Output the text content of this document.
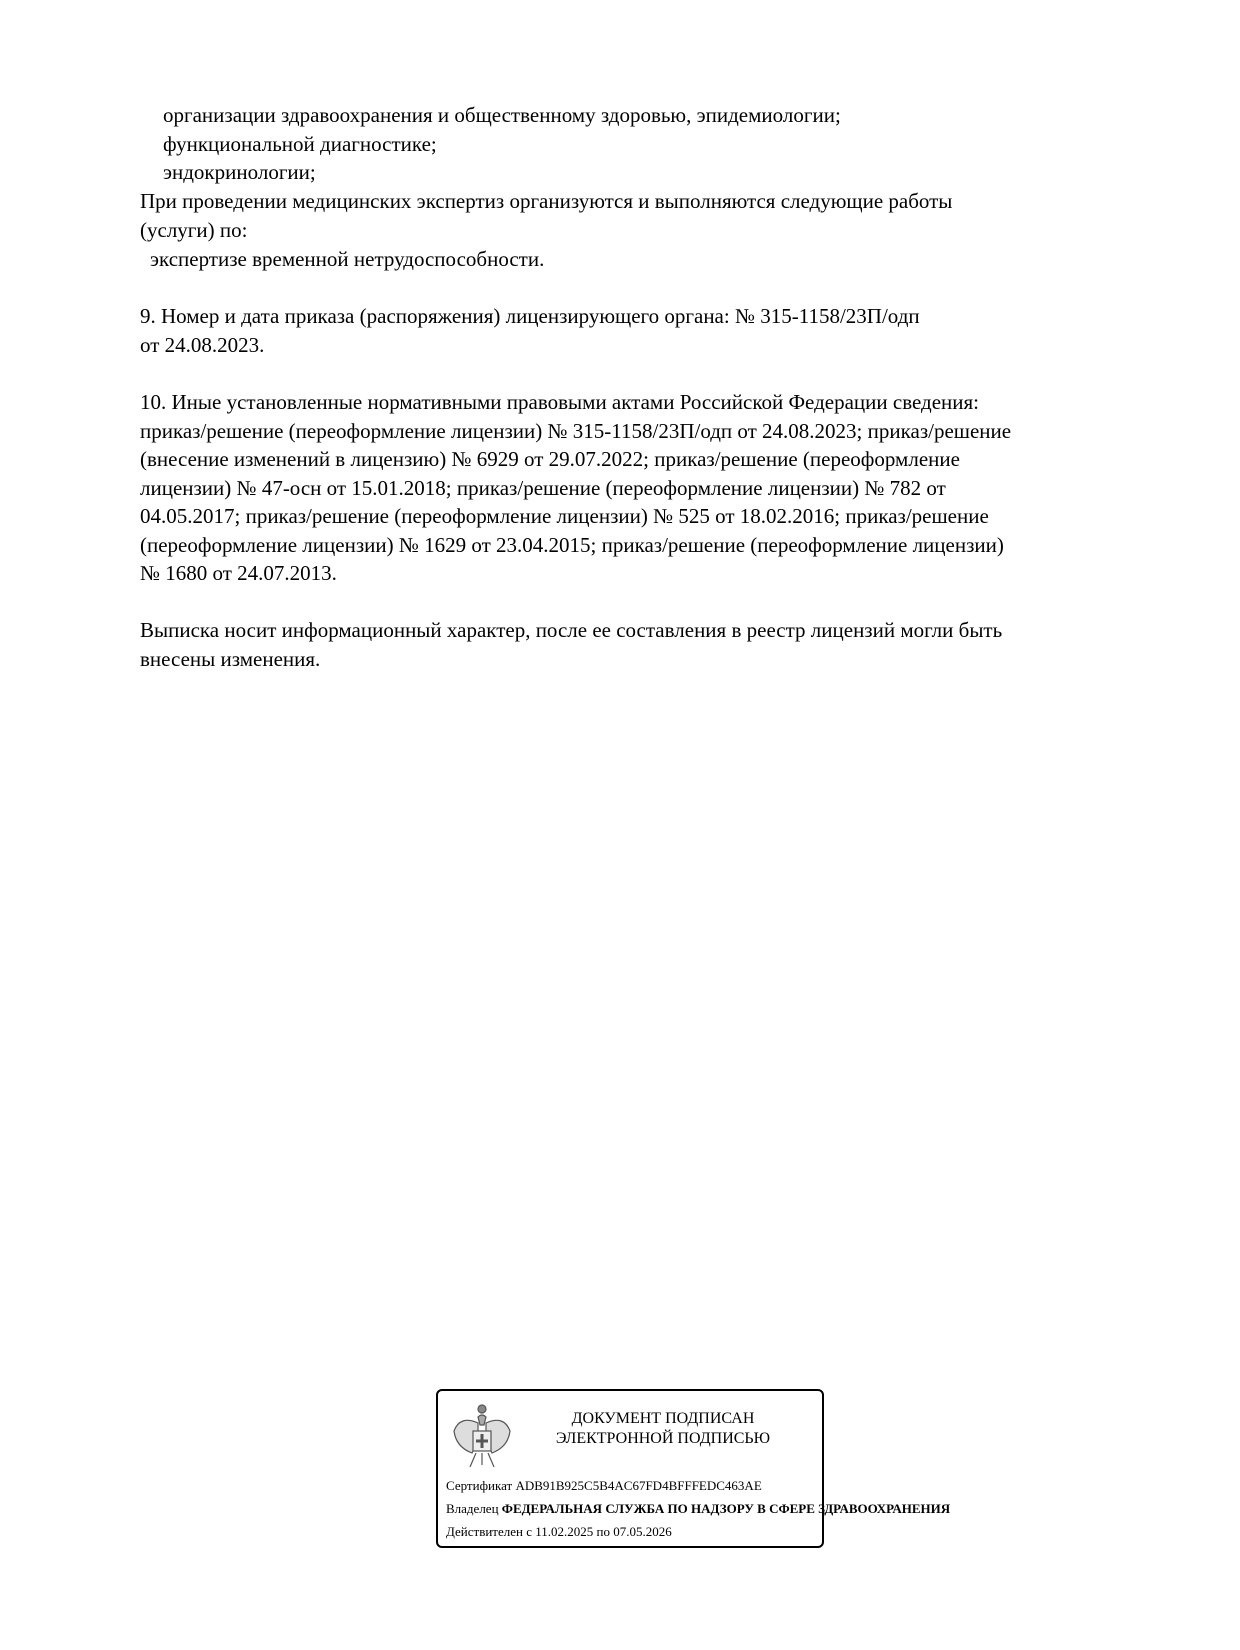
организации здравоохранения и общественному здоровью, эпидемиологии;
функциональной диагностике;
эндокринологии;
При проведении медицинских экспертиз организуются и выполняются следующие работы
(услуги) по:
экспертизе временной нетрудоспособности.
9. Номер и дата приказа (распоряжения) лицензирующего органа: № 315-1158/23П/одп
от 24.08.2023.
10. Иные установленные нормативными правовыми актами Российской Федерации сведения:
приказ/решение (переоформление лицензии) № 315-1158/23П/одп от 24.08.2023; приказ/решение
(внесение изменений в лицензию) № 6929 от 29.07.2022; приказ/решение (переоформление
лицензии) № 47-осн от 15.01.2018; приказ/решение (переоформление лицензии) № 782 от
04.05.2017; приказ/решение (переоформление лицензии) № 525 от 18.02.2016; приказ/решение
(переоформление лицензии) № 1629 от 23.04.2015; приказ/решение (переоформление лицензии)
№ 1680 от 24.07.2013.
Выписка носит информационный характер, после ее составления в реестр лицензий могли быть
внесены изменения.
ДОКУМЕНТ ПОДПИСАН
ЭЛЕКТРОННОЙ ПОДПИСЬЮ
Сертификат ADB91B925C5B4AC67FD4BFFFEDC463AE
Владелец ФЕДЕРАЛЬНАЯ СЛУЖБА ПО НАДЗОРУ В СФЕРЕ ЗДРАВООХРАНЕНИЯ
Действителен с 11.02.2025 по 07.05.2026
